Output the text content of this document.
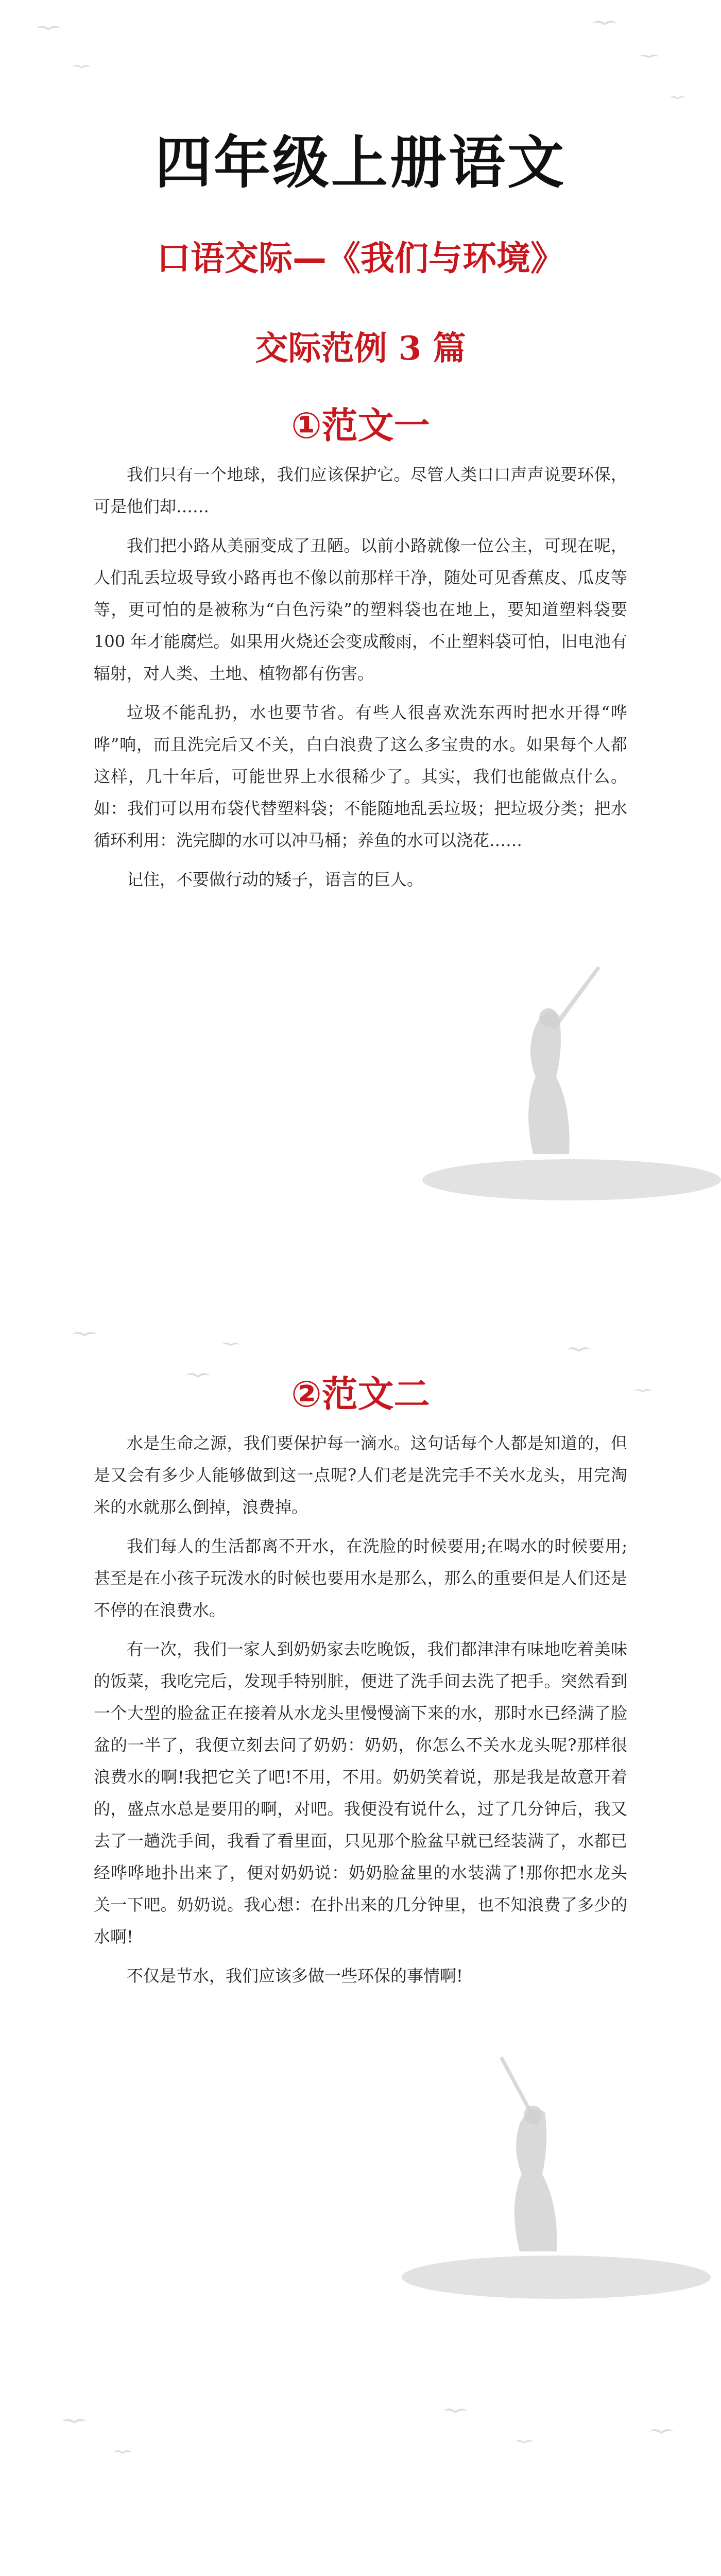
四年级上册语文
口语交际—《我们与环境》
交际范例 3 篇
①范文一

我们只有一个地球，我们应该保护它。尽管人类口口声声说要环保，可是他们却……

我们把小路从美丽变成了丑陋。以前小路就像一位公主，可现在呢，人们乱丢垃圾导致小路再也不像以前那样干净，随处可见香蕉皮、瓜皮等等，更可怕的是被称为“白色污染”的塑料袋也在地上，要知道塑料袋要 100 年才能腐烂。如果用火烧还会变成酸雨，不止塑料袋可怕，旧电池有辐射，对人类、土地、植物都有伤害。

垃圾不能乱扔，水也要节省。有些人很喜欢洗东西时把水开得“哗哗”响，而且洗完后又不关，白白浪费了这么多宝贵的水。如果每个人都这样，几十年后，可能世界上水很稀少了。其实，我们也能做点什么。如：我们可以用布袋代替塑料袋；不能随地乱丢垃圾；把垃圾分类；把水循环利用：洗完脚的水可以冲马桶；养鱼的水可以浇花……

记住，不要做行动的矮子，语言的巨人。

②范文二

水是生命之源，我们要保护每一滴水。这句话每个人都是知道的，但是又会有多少人能够做到这一点呢?人们老是洗完手不关水龙头，用完淘米的水就那么倒掉，浪费掉。

我们每人的生活都离不开水，在洗脸的时候要用;在喝水的时候要用;甚至是在小孩子玩泼水的时候也要用水是那么，那么的重要但是人们还是不停的在浪费水。

有一次，我们一家人到奶奶家去吃晚饭，我们都津津有味地吃着美味的饭菜，我吃完后，发现手特别脏，便进了洗手间去洗了把手。突然看到一个大型的脸盆正在接着从水龙头里慢慢滴下来的水，那时水已经满了脸盆的一半了，我便立刻去问了奶奶：奶奶，你怎么不关水龙头呢?那样很浪费水的啊!我把它关了吧!不用，不用。奶奶笑着说，那是我是故意开着的，盛点水总是要用的啊，对吧。我便没有说什么，过了几分钟后，我又去了一趟洗手间，我看了看里面，只见那个脸盆早就已经装满了，水都已经哗哗地扑出来了，便对奶奶说：奶奶脸盆里的水装满了!那你把水龙头关一下吧。奶奶说。我心想：在扑出来的几分钟里，也不知浪费了多少的水啊!

不仅是节水，我们应该多做一些环保的事情啊!
